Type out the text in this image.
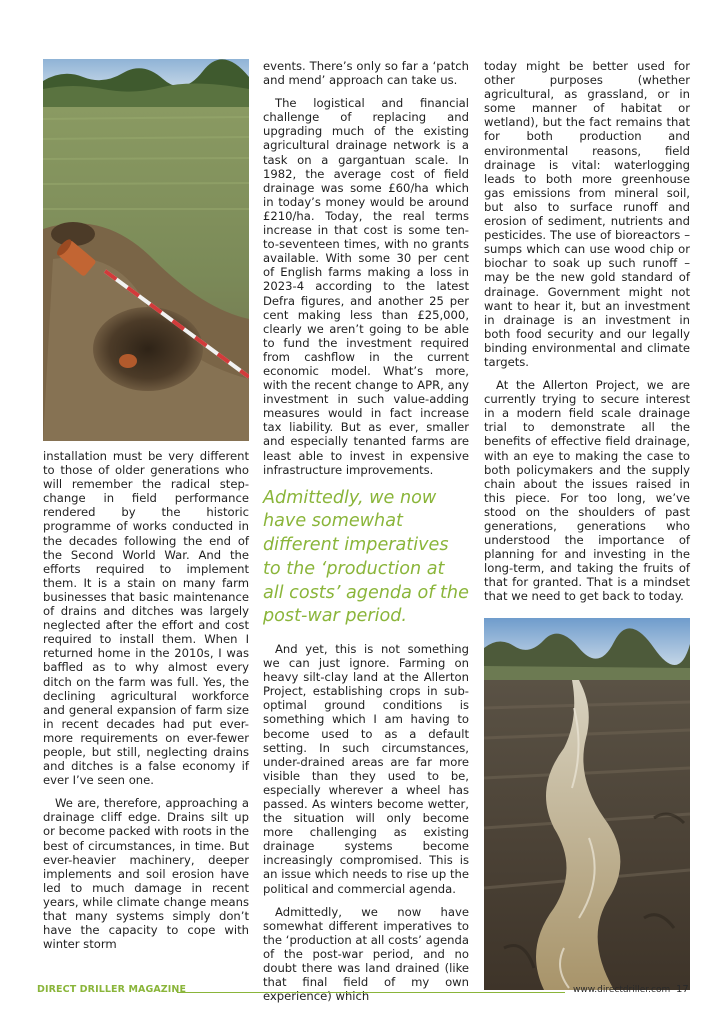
installation must be very different to those of older generations who will remember the radical step-change in field performance rendered by the historic programme of works conducted in the decades following the end of the Second World War. And the efforts required to implement them. It is a stain on many farm businesses that basic maintenance of drains and ditches was largely neglected after the effort and cost required to install them. When I returned home in the 2010s, I was baffled as to why almost every ditch on the farm was full. Yes, the declining agricultural workforce and general expansion of farm size in recent decades had put ever-more requirements on ever-fewer people, but still, neglecting drains and ditches is a false economy if ever I’ve seen one.

We are, therefore, approaching a drainage cliff edge. Drains silt up or become packed with roots in the best of circumstances, in time. But ever-heavier machinery, deeper implements and soil erosion have led to much damage in recent years, while climate change means that many systems simply don’t have the capacity to cope with winter storm

events. There’s only so far a ‘patch and mend’ approach can take us.

The logistical and financial challenge of replacing and upgrading much of the existing agricultural drainage network is a task on a gargantuan scale. In 1982, the average cost of field drainage was some £60/ha which in today’s money would be around £210/ha. Today, the real terms increase in that cost is some ten-to-seventeen times, with no grants available. With some 30 per cent of English farms making a loss in 2023-4 according to the latest Defra figures, and another 25 per cent making less than £25,000, clearly we aren’t going to be able to fund the investment required from cashflow in the current economic model. What’s more, with the recent change to APR, any investment in such value-adding measures would in fact increase tax liability. But as ever, smaller and especially tenanted farms are least able to invest in expensive infrastructure improvements.

Admittedly, we now have somewhat different imperatives to the ‘production at all costs’ agenda of the post-war period.

And yet, this is not something we can just ignore. Farming on heavy silt-clay land at the Allerton Project, establishing crops in sub-optimal ground conditions is something which I am having to become used to as a default setting. In such circumstances, under-drained areas are far more visible than they used to be, especially wherever a wheel has passed. As winters become wetter, the situation will only become more challenging as existing drainage systems become increasingly compromised. This is an issue which needs to rise up the political and commercial agenda.

Admittedly, we now have somewhat different imperatives to the ‘production at all costs’ agenda of the post-war period, and no doubt there was land drained (like that final field of my own experience) which

today might be better used for other purposes (whether agricultural, as grassland, or in some manner of habitat or wetland), but the fact remains that for both production and environmental reasons, field drainage is vital: waterlogging leads to both more greenhouse gas emissions from mineral soil, but also to surface runoff and erosion of sediment, nutrients and pesticides. The use of bioreactors – sumps which can use wood chip or biochar to soak up such runoff – may be the new gold standard of drainage. Government might not want to hear it, but an investment in drainage is an investment in both food security and our legally binding environmental and climate targets.

At the Allerton Project, we are currently trying to secure interest in a modern field scale drainage trial to demonstrate all the benefits of effective field drainage, with an eye to making the case to both policymakers and the supply chain about the issues raised in this piece. For too long, we’ve stood on the shoulders of past generations, generations who understood the importance of planning for and investing in the long-term, and taking the fruits of that for granted. That is a mindset that we need to get back to today.

DIRECT DRILLER MAGAZINE	www.directdriller.com 17
